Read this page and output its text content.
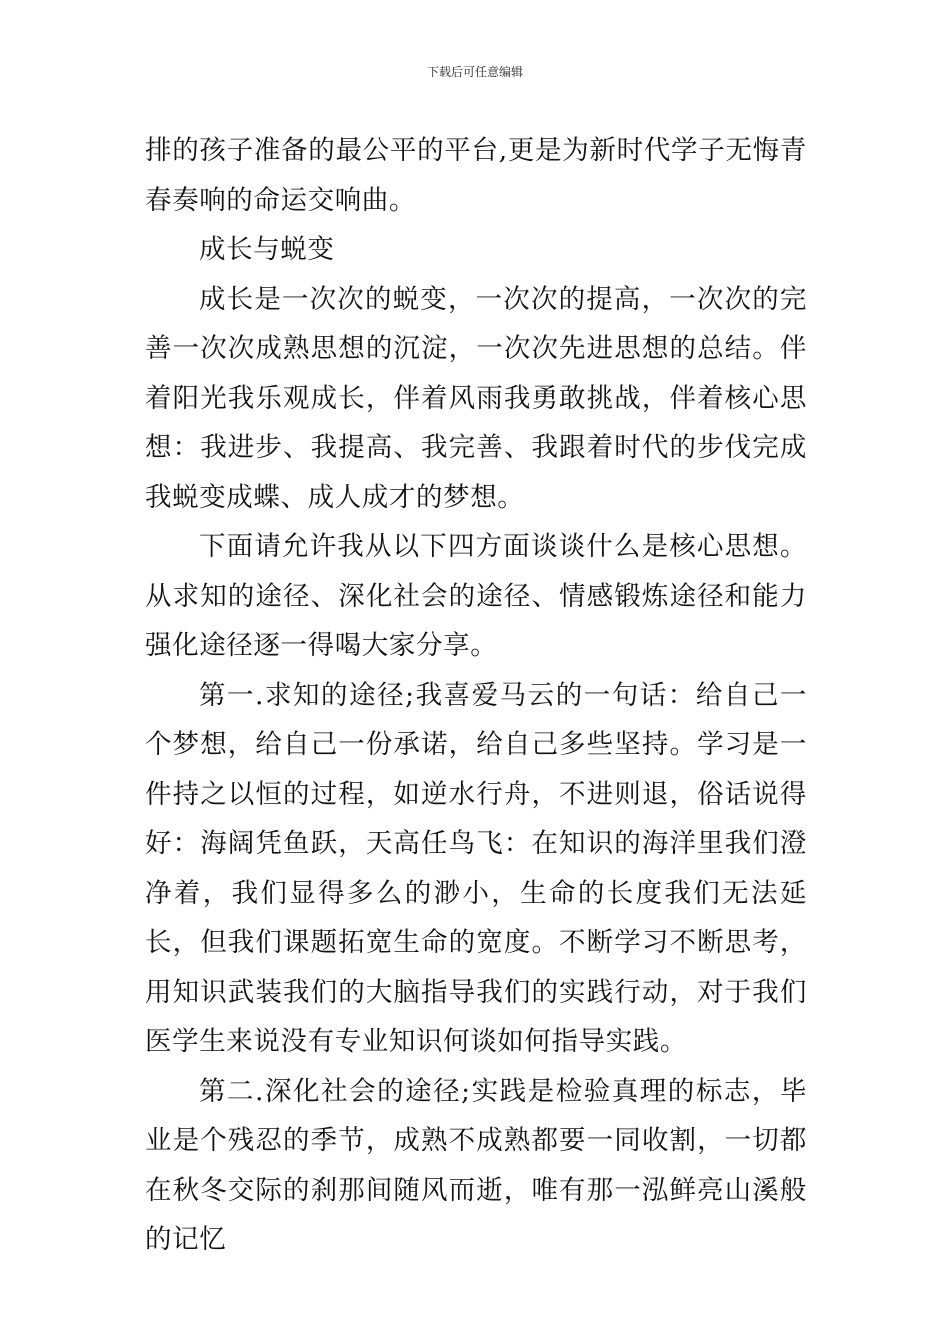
下载后可任意编辑

排的孩子准备的最公平的平台,更是为新时代学子无悔青春奏响的命运交响曲。

成长与蜕变

成长是一次次的蜕变，一次次的提高，一次次的完善一次次成熟思想的沉淀，一次次先进思想的总结。伴着阳光我乐观成长，伴着风雨我勇敢挑战，伴着核心思想：我进步、我提高、我完善、我跟着时代的步伐完成我蜕变成蝶、成人成才的梦想。

下面请允许我从以下四方面谈谈什么是核心思想。从求知的途径、深化社会的途径、情感锻炼途径和能力强化途径逐一得喝大家分享。

第一.求知的途径;我喜爱马云的一句话：给自己一个梦想，给自己一份承诺，给自己多些坚持。学习是一件持之以恒的过程，如逆水行舟，不进则退，俗话说得好：海阔凭鱼跃，天高任鸟飞：在知识的海洋里我们澄净着，我们显得多么的渺小，生命的长度我们无法延长，但我们课题拓宽生命的宽度。不断学习不断思考，用知识武装我们的大脑指导我们的实践行动，对于我们医学生来说没有专业知识何谈如何指导实践。

第二.深化社会的途径;实践是检验真理的标志，毕业是个残忍的季节，成熟不成熟都要一同收割，一切都在秋冬交际的刹那间随风而逝，唯有那一泓鲜亮山溪般的记忆
